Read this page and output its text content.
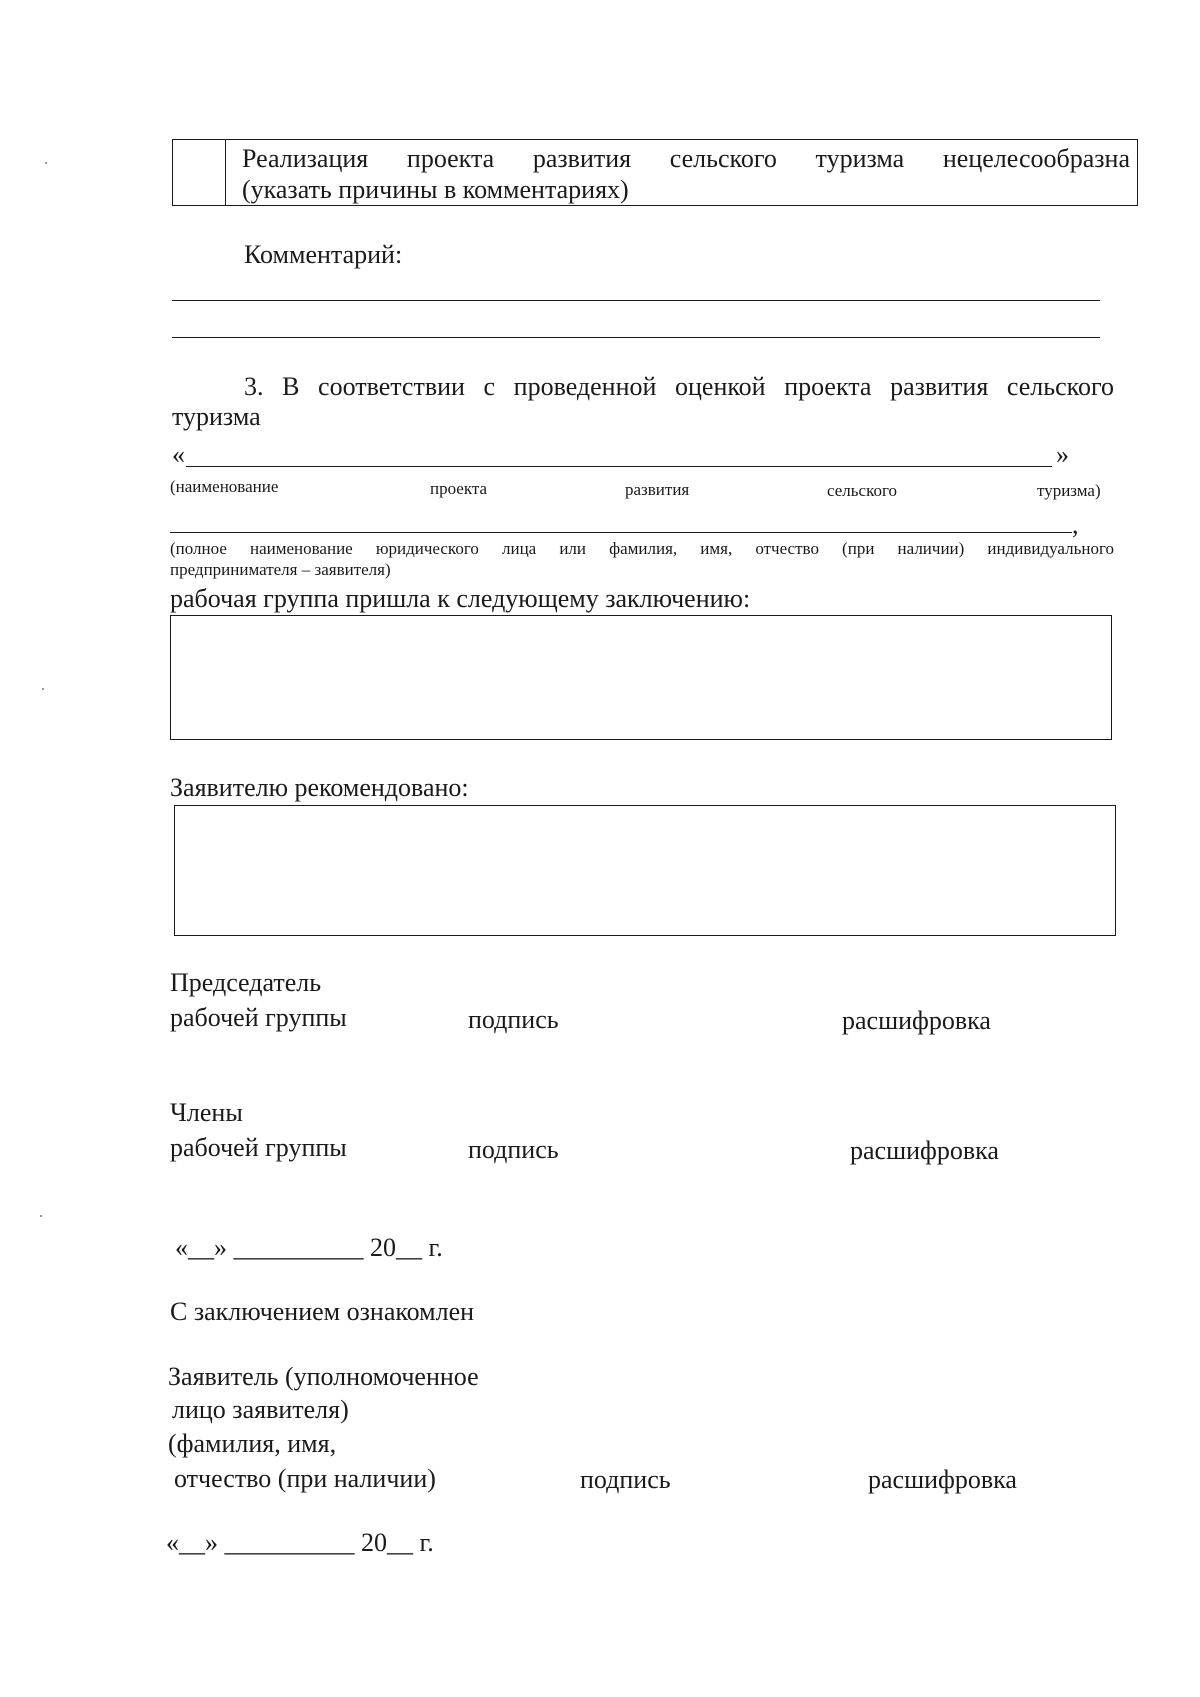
Реализация проекта развития сельского туризма нецелесообразна
(указать причины в комментариях)
Комментарий:
3. В соответствии с проведенной оценкой проекта развития сельского
туризма
«	»
(наименование	проекта	развития	сельского	туризма)
,
(полное наименование юридического лица или фамилия, имя, отчество (при наличии) индивидуального
предпринимателя – заявителя)
рабочая группа пришла к следующему заключению:
Заявителю рекомендовано:
Председатель
рабочей группы	подпись	расшифровка
Члены
рабочей группы	подпись	расшифровка
«__» __________ 20__ г.
С заключением ознакомлен
Заявитель (уполномоченное
лицо заявителя)
(фамилия, имя,
отчество (при наличии)	подпись	расшифровка
«__» __________ 20__ г.
